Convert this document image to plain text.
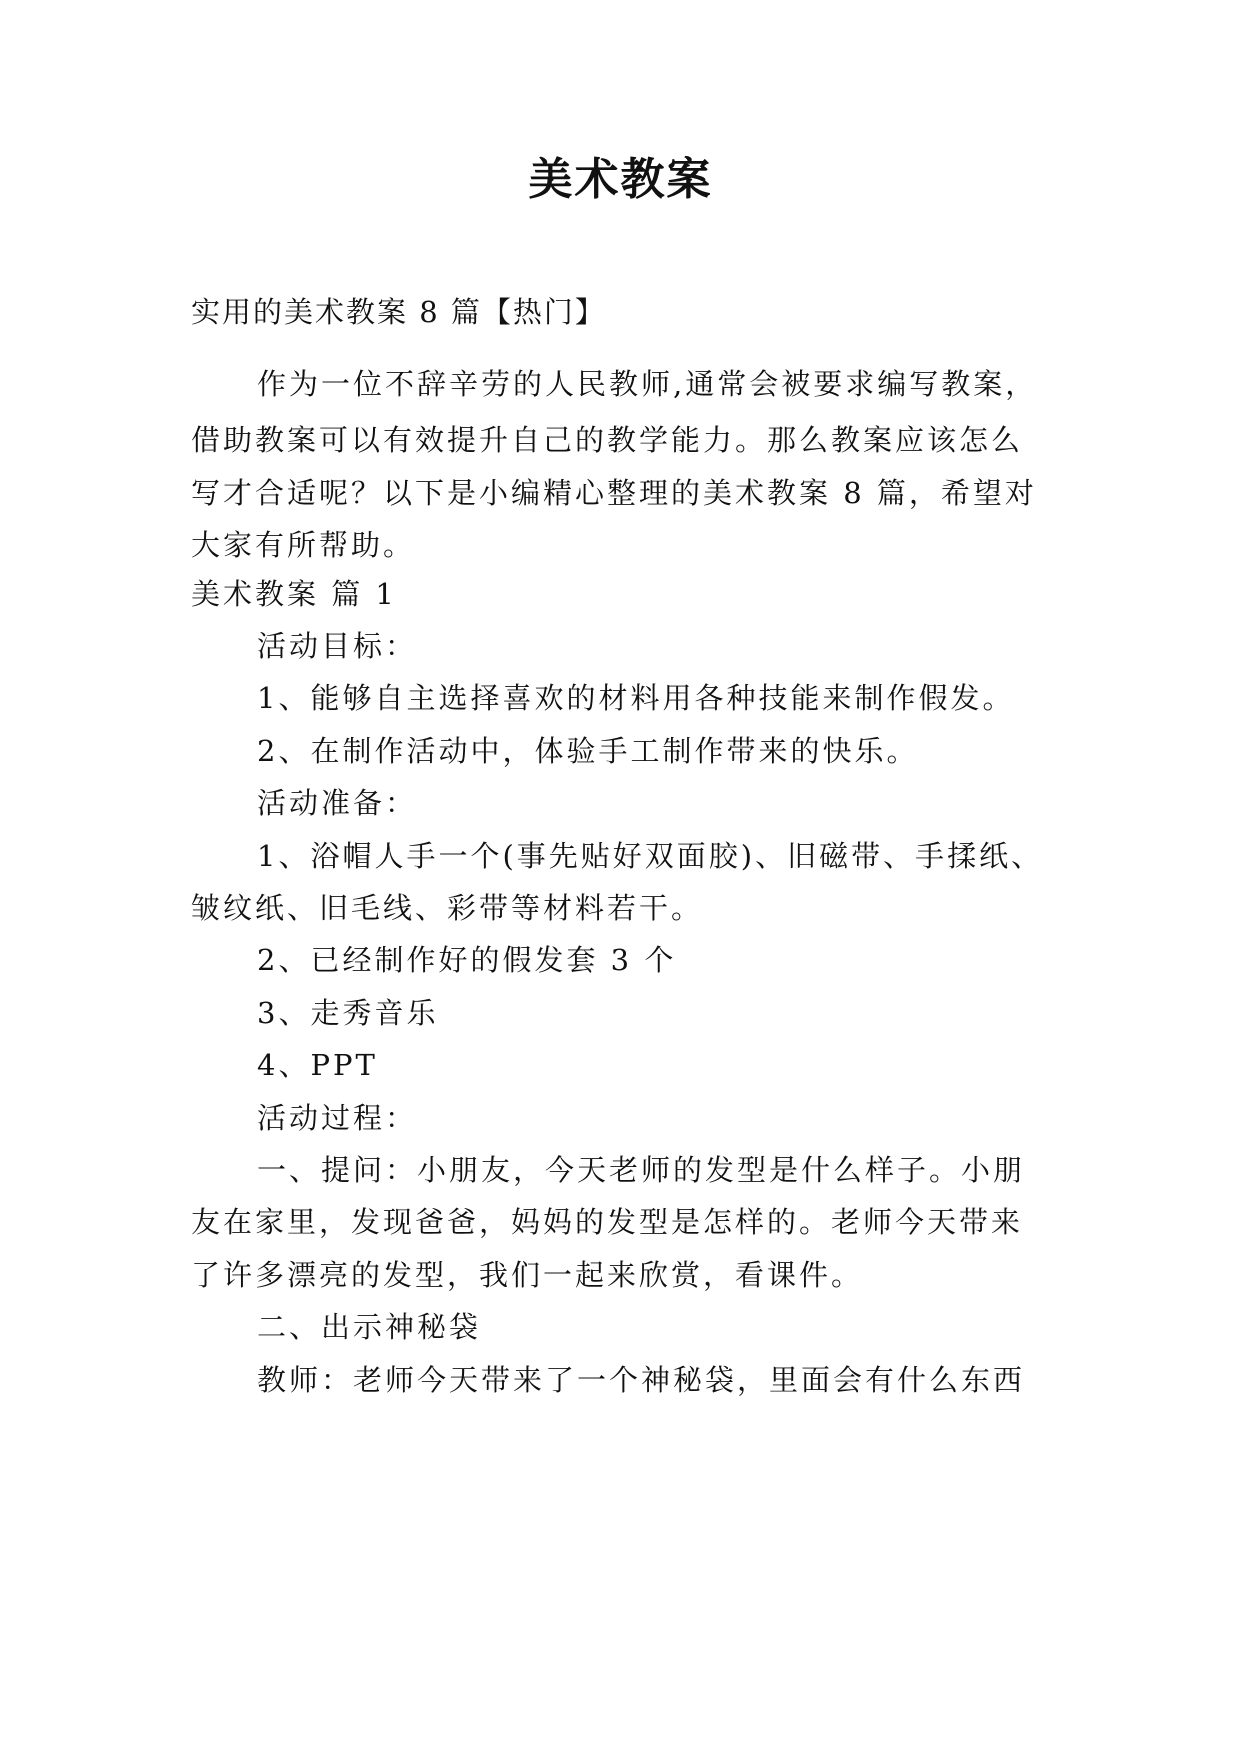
美术教案
实用的美术教案 8 篇【热门】
作为一位不辞辛劳的人民教师,通常会被要求编写教案，
借助教案可以有效提升自己的教学能力。那么教案应该怎么
写才合适呢？以下是小编精心整理的美术教案 8 篇，希望对
大家有所帮助。
美术教案 篇 1
活动目标：
1、能够自主选择喜欢的材料用各种技能来制作假发。
2、在制作活动中，体验手工制作带来的快乐。
活动准备：
1、浴帽人手一个(事先贴好双面胶)、旧磁带、手揉纸、
皱纹纸、旧毛线、彩带等材料若干。
2、已经制作好的假发套 3 个
3、走秀音乐
4、PPT
活动过程：
一、提问：小朋友，今天老师的发型是什么样子。小朋
友在家里，发现爸爸，妈妈的发型是怎样的。老师今天带来
了许多漂亮的发型，我们一起来欣赏，看课件。
二、出示神秘袋
教师：老师今天带来了一个神秘袋，里面会有什么东西
